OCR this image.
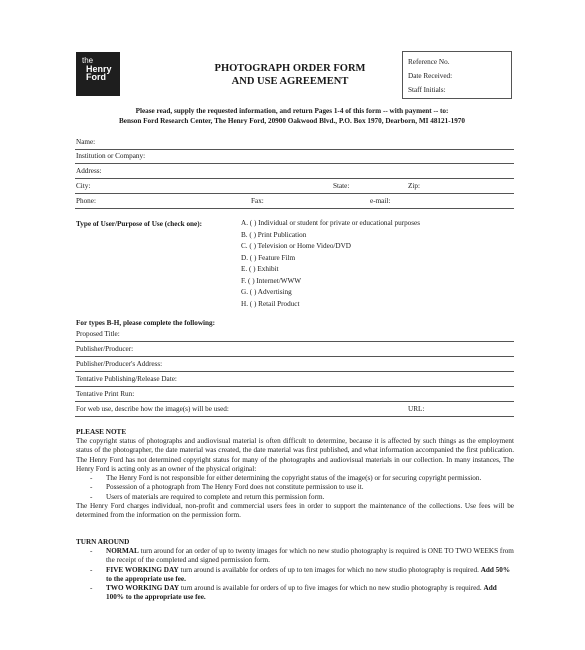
the
Henry
Ford
PHOTOGRAPH ORDER FORM
AND USE AGREEMENT
Reference No.
Date Received:
Staff Initials:
Please read, supply the requested information, and return Pages 1-4 of this form -- with payment -- to:
Benson Ford Research Center, The Henry Ford, 20900 Oakwood Blvd., P.O. Box 1970, Dearborn, MI 48121-1970
Name:
Institution or Company:
Address:
City:	State:	Zip:
Phone:	Fax:	e-mail:
Type of User/Purpose of Use (check one):	A. ( ) Individual or student for private or educational purposes
B. ( ) Print Publication
C. ( ) Television or Home Video/DVD
D. ( ) Feature Film
E. ( ) Exhibit
F. ( ) Internet/WWW
G. ( ) Advertising
H. ( ) Retail Product
For types B-H, please complete the following:
Proposed Title:
Publisher/Producer:
Publisher/Producer's Address:
Tentative Publishing/Release Date:
Tentative Print Run:
For web use, describe how the image(s) will be used:	URL:
PLEASE NOTE
The copyright status of photographs and audiovisual material is often difficult to determine, because it is affected by such things as the employment status of the photographer, the date material was created, the date material was first published, and what information accompanied the first publication. The Henry Ford has not determined copyright status for many of the photographs and audiovisual materials in our collection. In many instances, The Henry Ford is acting only as an owner of the physical original:
- The Henry Ford is not responsible for either determining the copyright status of the image(s) or for securing copyright permission.
- Possession of a photograph from The Henry Ford does not constitute permission to use it.
- Users of materials are required to complete and return this permission form.
The Henry Ford charges individual, non-profit and commercial users fees in order to support the maintenance of the collections. Use fees will be determined from the information on the permission form.
TURN AROUND
- NORMAL turn around for an order of up to twenty images for which no new studio photography is required is ONE TO TWO WEEKS from the receipt of the completed and signed permission form.
- FIVE WORKING DAY turn around is available for orders of up to ten images for which no new studio photography is required. Add 50% to the appropriate use fee.
- TWO WORKING DAY turn around is available for orders of up to five images for which no new studio photography is required. Add 100% to the appropriate use fee.
